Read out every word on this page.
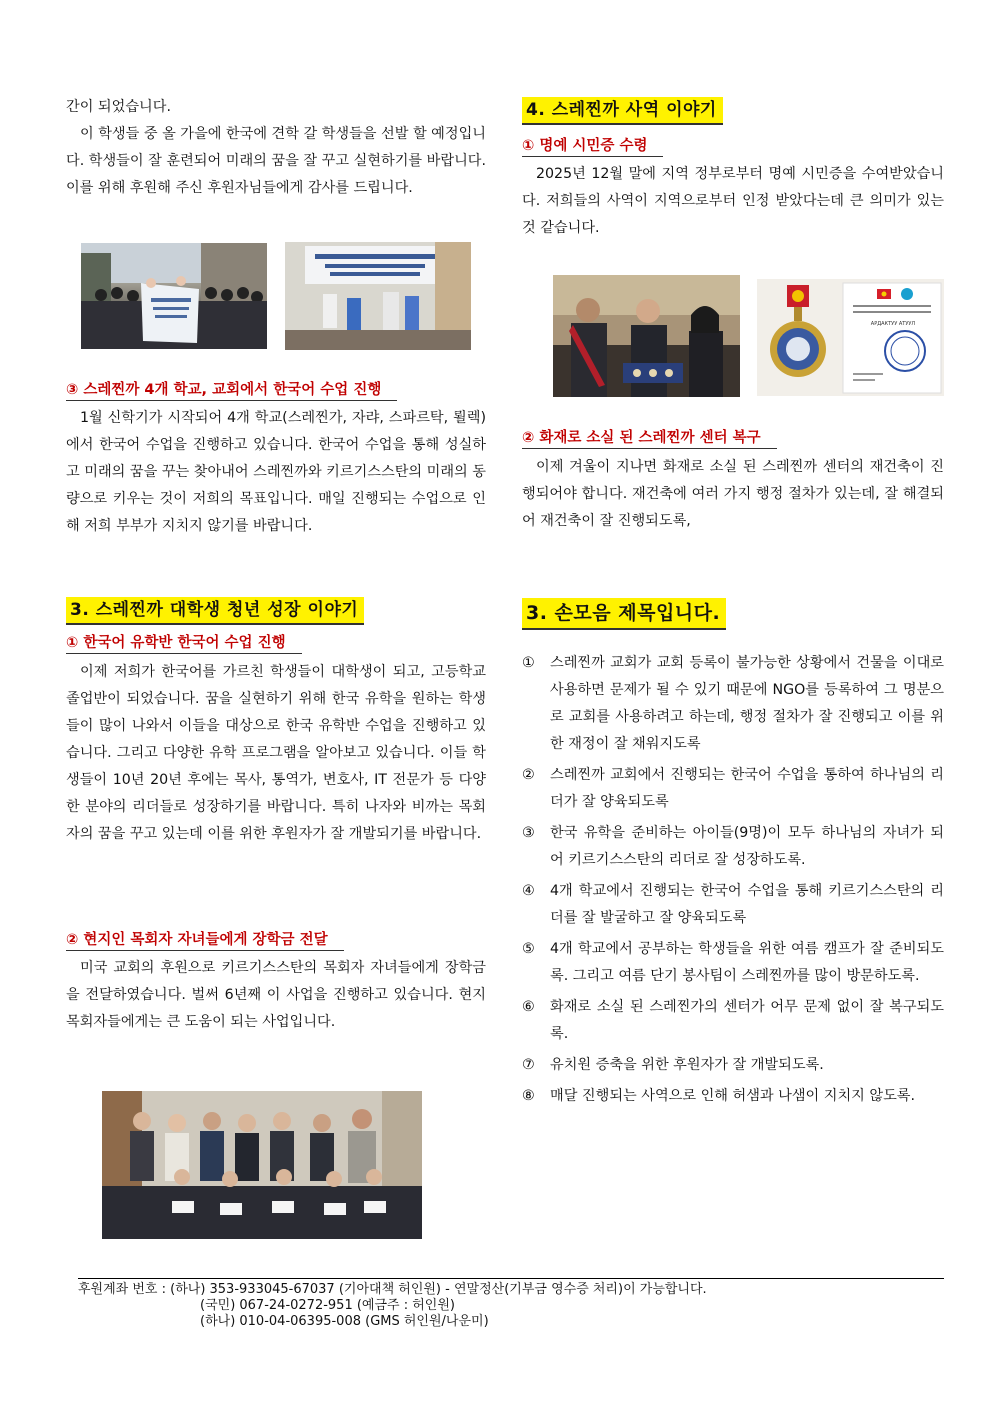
간이 되었습니다.

이 학생들 중 올 가을에 한국에 견학 갈 학생들을 선발 할 예정입니다. 학생들이 잘 훈련되어 미래의 꿈을 잘 꾸고 실현하기를 바랍니다. 이를 위해 후원해 주신 후원자님들에게 감사를 드립니다.

③ 스레찐까 4개 학교, 교회에서 한국어 수업 진행

1월 신학기가 시작되어 4개 학교(스레찐가, 자랴, 스파르탁, 뢸렉)에서 한국어 수업을 진행하고 있습니다. 한국어 수업을 통해 성실하고 미래의 꿈을 꾸는 찾아내어 스레찐까와 키르기스스탄의 미래의 동량으로 키우는 것이 저희의 목표입니다. 매일 진행되는 수업으로 인해 저희 부부가 지치지 않기를 바랍니다.

3. 스레찐까 대학생 청년 성장 이야기
① 한국어 유학반 한국어 수업 진행

이제 저희가 한국어를 가르친 학생들이 대학생이 되고, 고등학교 졸업반이 되었습니다. 꿈을 실현하기 위해 한국 유학을 원하는 학생들이 많이 나와서 이들을 대상으로 한국 유학반 수업을 진행하고 있습니다. 그리고 다양한 유학 프로그램을 알아보고 있습니다. 이들 학생들이 10년 20년 후에는 목사, 통역가, 변호사, IT 전문가 등 다양한 분야의 리더들로 성장하기를 바랍니다. 특히 나자와 비까는 목회자의 꿈을 꾸고 있는데 이를 위한 후원자가 잘 개발되기를 바랍니다.

② 현지인 목회자 자녀들에게 장학금 전달

미국 교회의 후원으로 키르기스스탄의 목회자 자녀들에게 장학금을 전달하였습니다. 벌써 6년째 이 사업을 진행하고 있습니다. 현지 목회자들에게는 큰 도움이 되는 사업입니다.

4. 스레찐까 사역 이야기
① 명예 시민증 수령

2025년 12월 말에 지역 정부로부터 명예 시민증을 수여받았습니다. 저희들의 사역이 지역으로부터 인정 받았다는데 큰 의미가 있는 것 같습니다.

АРДАКТУУ АТУУЛ
② 화재로 소실 된 스레찐까 센터 복구

이제 겨울이 지나면 화재로 소실 된 스레찐까 센터의 재건축이 진행되어야 합니다. 재건축에 여러 가지 행정 절차가 있는데, 잘 해결되어 재건축이 잘 진행되도록,

3. 손모음 제목입니다.
①	스레찐까 교회가 교회 등록이 불가능한 상황에서 건물을 이대로 사용하면 문제가 될 수 있기 때문에 NGO를 등록하여 그 명분으로 교회를 사용하려고 하는데, 행정 절차가 잘 진행되고 이를 위한 재정이 잘 채워지도록
②	스레찐까 교회에서 진행되는 한국어 수업을 통하여 하나님의 리더가 잘 양육되도록
③	한국 유학을 준비하는 아이들(9명)이 모두 하나님의 자녀가 되어 키르기스스탄의 리더로 잘 성장하도록.
④	4개 학교에서 진행되는 한국어 수업을 통해 키르기스스탄의 리더를 잘 발굴하고 잘 양육되도록
⑤	4개 학교에서 공부하는 학생들을 위한 여름 캠프가 잘 준비되도록. 그리고 여름 단기 봉사팀이 스레찐까를 많이 방문하도록.
⑥	화재로 소실 된 스레찐가의 센터가 어무 문제 없이 잘 복구되도록.
⑦	유치원 증축을 위한 후원자가 잘 개발되도록.
⑧	매달 진행되는 사역으로 인해 허샘과 나샘이 지치지 않도록.
후원계좌 번호 : (하나) 353-933045-67037 (기아대책 허인원) - 연말정산(기부금 영수증 처리)이 가능합니다.
(국민) 067-24-0272-951 (예금주 : 허인원)
(하나) 010-04-06395-008 (GMS 허인원/나운미)
